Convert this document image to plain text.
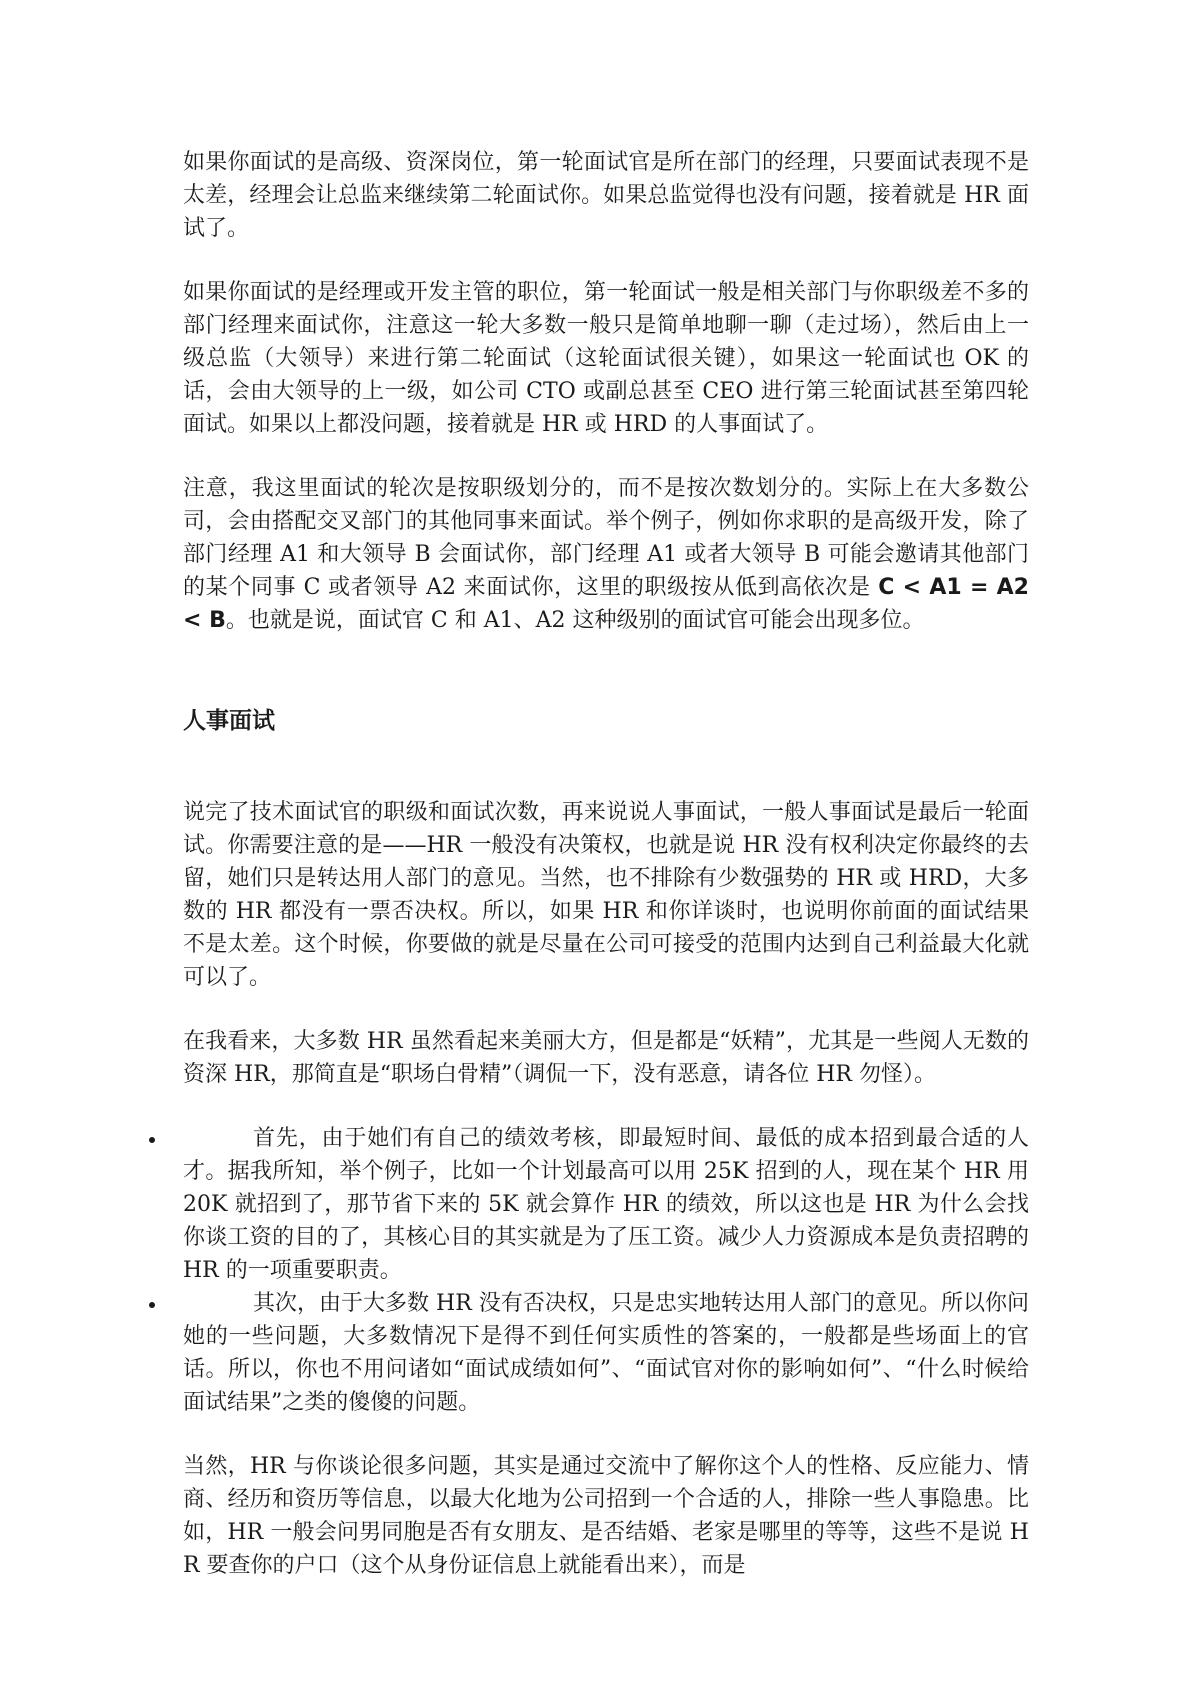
如果你面试的是高级、资深岗位，第一轮面试官是所在部门的经理，只要面试表现不是太差，经理会让总监来继续第二轮面试你。如果总监觉得也没有问题，接着就是 HR 面试了。

如果你面试的是经理或开发主管的职位，第一轮面试一般是相关部门与你职级差不多的部门经理来面试你，注意这一轮大多数一般只是简单地聊一聊（走过场），然后由上一级总监（大领导）来进行第二轮面试（这轮面试很关键），如果这一轮面试也 OK 的话，会由大领导的上一级，如公司 CTO 或副总甚至 CEO 进行第三轮面试甚至第四轮面试。如果以上都没问题，接着就是 HR 或 HRD 的人事面试了。

注意，我这里面试的轮次是按职级划分的，而不是按次数划分的。实际上在大多数公司，会由搭配交叉部门的其他同事来面试。举个例子，例如你求职的是高级开发，除了部门经理 A1 和大领导 B 会面试你，部门经理 A1 或者大领导 B 可能会邀请其他部门的某个同事 C 或者领导 A2 来面试你，这里的职级按从低到高依次是 C < A1 = A2 < B。也就是说，面试官 C 和 A1、A2 这种级别的面试官可能会出现多位。

人事面试

说完了技术面试官的职级和面试次数，再来说说人事面试，一般人事面试是最后一轮面试。你需要注意的是——HR 一般没有决策权，也就是说 HR 没有权利决定你最终的去留，她们只是转达用人部门的意见。当然，也不排除有少数强势的 HR 或 HRD，大多数的 HR 都没有一票否决权。所以，如果 HR 和你详谈时，也说明你前面的面试结果不是太差。这个时候，你要做的就是尽量在公司可接受的范围内达到自己利益最大化就可以了。

在我看来，大多数 HR 虽然看起来美丽大方，但是都是“妖精”，尤其是一些阅人无数的资深 HR，那简直是“职场白骨精”（调侃一下，没有恶意，请各位 HR 勿怪）。

首先，由于她们有自己的绩效考核，即最短时间、最低的成本招到最合适的人才。据我所知，举个例子，比如一个计划最高可以用 25K 招到的人，现在某个 HR 用 20K 就招到了，那节省下来的 5K 就会算作 HR 的绩效，所以这也是 HR 为什么会找你谈工资的目的了，其核心目的其实就是为了压工资。减少人力资源成本是负责招聘的 HR 的一项重要职责。
其次，由于大多数 HR 没有否决权，只是忠实地转达用人部门的意见。所以你问她的一些问题，大多数情况下是得不到任何实质性的答案的，一般都是些场面上的官话。所以，你也不用问诸如“面试成绩如何”、“面试官对你的影响如何”、“什么时候给面试结果”之类的傻傻的问题。

当然，HR 与你谈论很多问题，其实是通过交流中了解你这个人的性格、反应能力、情商、经历和资历等信息，以最大化地为公司招到一个合适的人，排除一些人事隐患。比如，HR 一般会问男同胞是否有女朋友、是否结婚、老家是哪里的等等，这些不是说 HR 要查你的户口（这个从身份证信息上就能看出来），而是
